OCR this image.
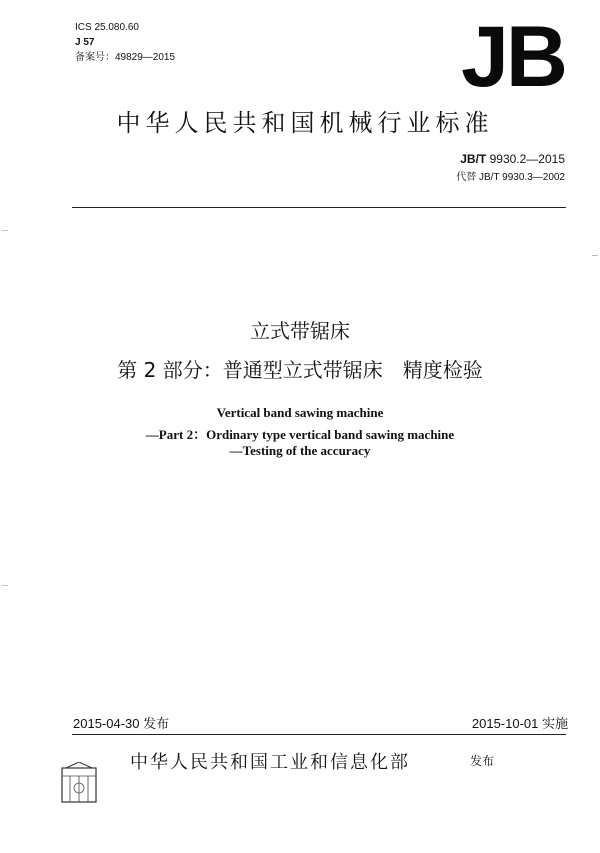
ICS 25.080.60
J 57
备案号：49829—2015	JB
中华人民共和国机械行业标准
JB/T 9930.2—2015
代替 JB/T 9930.3—2002
立式带锯床
第 2 部分：普通型立式带锯床　精度检验
Vertical band sawing machine
—Part 2：Ordinary type vertical band sawing machine
—Testing of the accuracy
2015-04-30 发布	2015-10-01 实施
中华人民共和国工业和信息化部	发布
